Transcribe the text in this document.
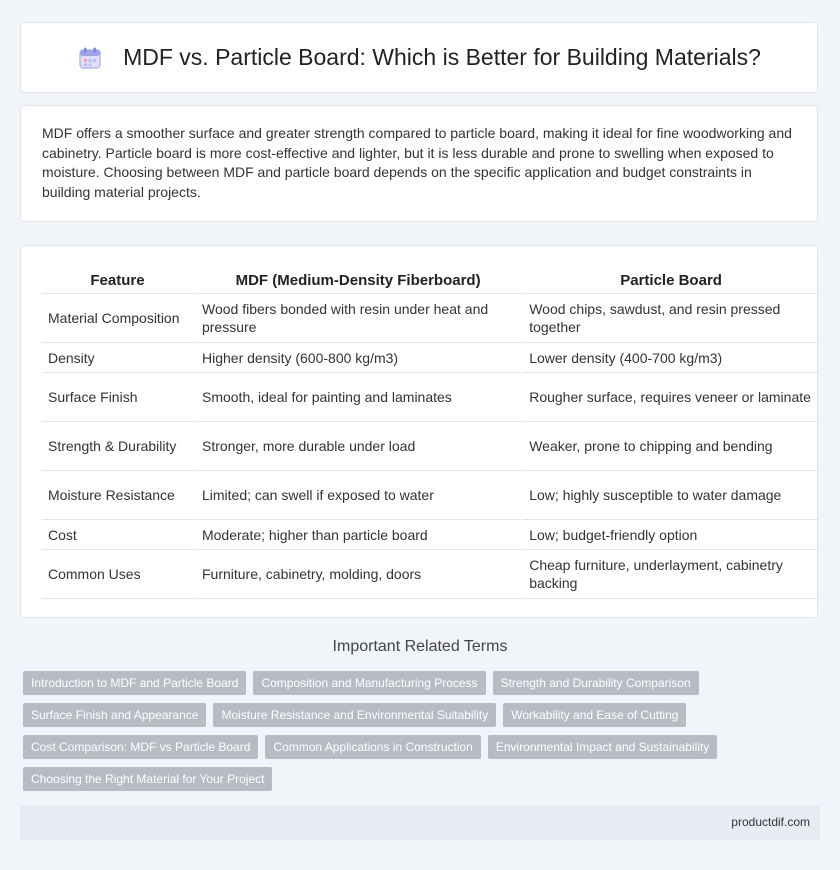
MDF vs. Particle Board: Which is Better for Building Materials?

MDF offers a smoother surface and greater strength compared to particle board, making it ideal for fine woodworking and cabinetry. Particle board is more cost-effective and lighter, but it is less durable and prone to swelling when exposed to moisture. Choosing between MDF and particle board depends on the specific application and budget constraints in building material projects.

Feature	MDF (Medium-Density Fiberboard)	Particle Board
Material Composition	Wood fibers bonded with resin under heat and pressure	Wood chips, sawdust, and resin pressed together
Density	Higher density (600-800 kg/m3)	Lower density (400-700 kg/m3)
Surface Finish	Smooth, ideal for painting and laminates	Rougher surface, requires veneer or laminate
Strength & Durability	Stronger, more durable under load	Weaker, prone to chipping and bending
Moisture Resistance	Limited; can swell if exposed to water	Low; highly susceptible to water damage
Cost	Moderate; higher than particle board	Low; budget-friendly option
Common Uses	Furniture, cabinetry, molding, doors	Cheap furniture, underlayment, cabinetry backing
Important Related Terms
Introduction to MDF and Particle Board	Composition and Manufacturing Process	Strength and Durability Comparison
Surface Finish and Appearance	Moisture Resistance and Environmental Suitability	Workability and Ease of Cutting
Cost Comparison: MDF vs Particle Board	Common Applications in Construction	Environmental Impact and Sustainability
Choosing the Right Material for Your Project
productdif.com
